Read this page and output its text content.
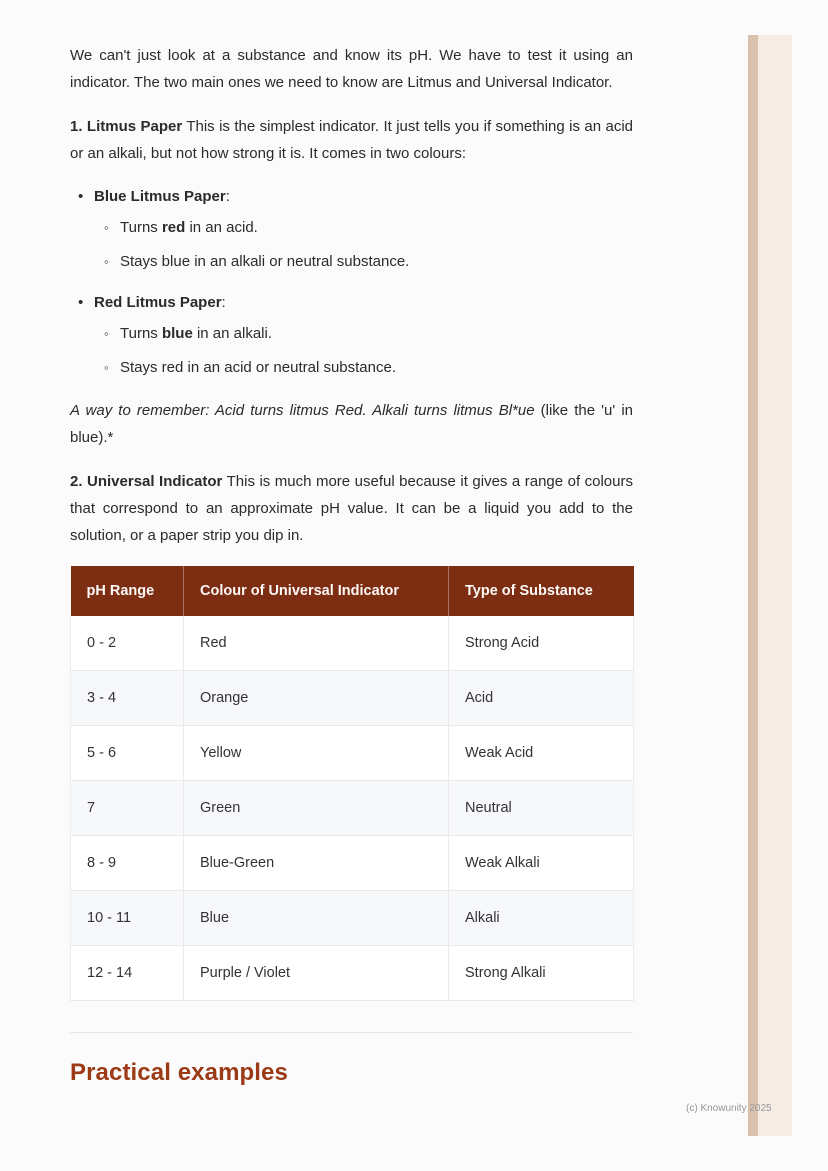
(c) Knowunity 2025

We can't just look at a substance and know its pH. We have to test it using an indicator. The two main ones we need to know are Litmus and Universal Indicator.

1. Litmus Paper This is the simplest indicator. It just tells you if something is an acid or an alkali, but not how strong it is. It comes in two colours:

• Blue Litmus Paper:
◦ Turns red in an acid.
◦ Stays blue in an alkali or neutral substance.
• Red Litmus Paper:
◦ Turns blue in an alkali.
◦ Stays red in an acid or neutral substance.

A way to remember: Acid turns litmus Red. Alkali turns litmus Bl*ue (like the 'u' in blue).*

2. Universal Indicator This is much more useful because it gives a range of colours that correspond to an approximate pH value. It can be a liquid you add to the solution, or a paper strip you dip in.

pH Range	Colour of Universal Indicator	Type of Substance
0 - 2	Red	Strong Acid
3 - 4	Orange	Acid
5 - 6	Yellow	Weak Acid
7	Green	Neutral
8 - 9	Blue-Green	Weak Alkali
10 - 11	Blue	Alkali
12 - 14	Purple / Violet	Strong Alkali
Practical examples
